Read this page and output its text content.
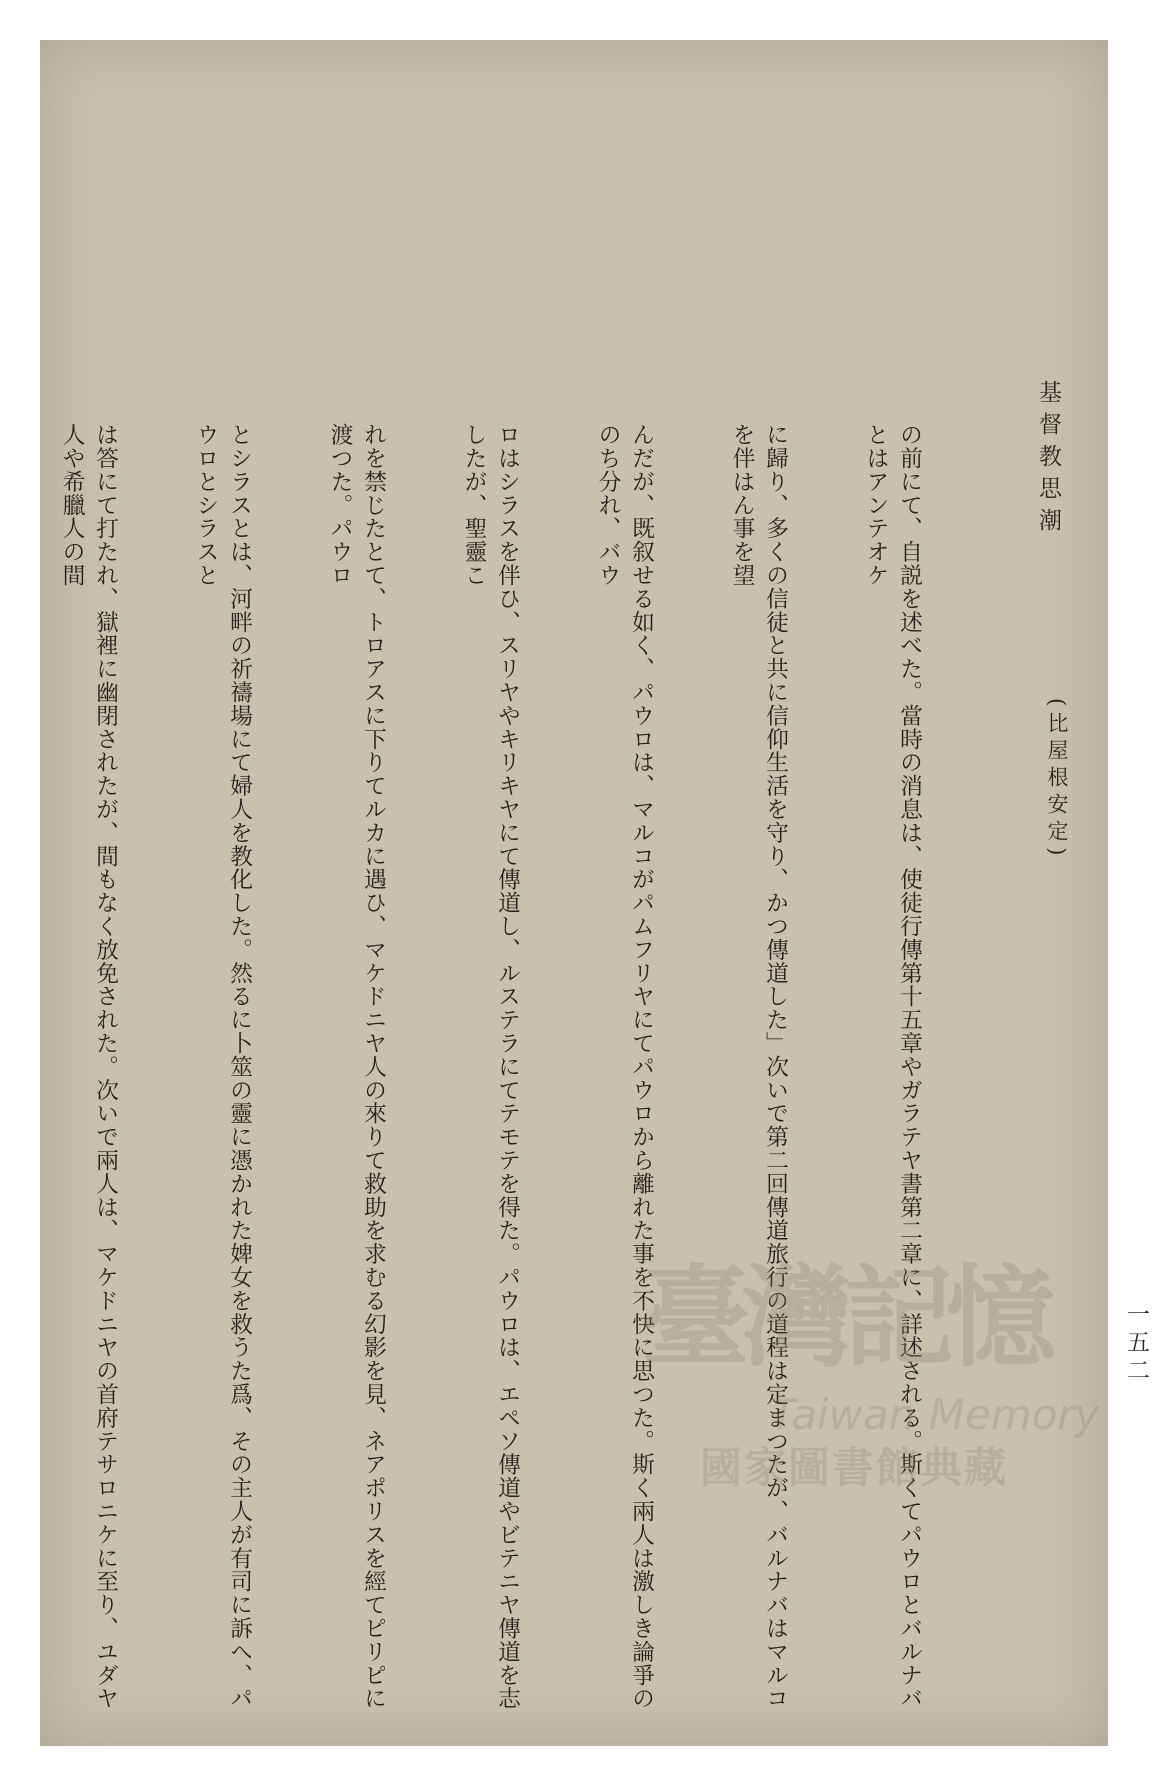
基督教思潮
(比屋根安定)
一五二

の前にて、自説を述べた。當時の消息は、使徒行傳第十五章やガラテヤ書第二章に、詳述される。斯くてパウロとバルナバとはアンテオケ

に歸り、多くの信徒と共に信仰生活を守り、かつ傳道した」次いで第二回傳道旅行の道程は定まつたが、バルナバはマルコを伴はん事を望

んだが、既叙せる如く、パウロは、マルコがパムフリヤにてパウロから離れた事を不快に思つた。斯く兩人は激しき論爭ののち分れ、バウ

ロはシラスを伴ひ、スリヤやキリキヤにて傳道し、ルステラにてテモテを得た。パウロは、エペソ傳道やビテニヤ傳道を志したが、聖靈こ

れを禁じたとて、トロアスに下りてルカに遇ひ、マケドニヤ人の來りて救助を求むる幻影を見、ネアポリスを經てピリピに渡つた。パウロ

とシラスとは、河畔の祈禱場にて婦人を教化した。然るに卜筮の靈に憑かれた婢女を救うた爲、その主人が有司に訴へ、パウロとシラスと

は答にて打たれ、獄裡に幽閉されたが、間もなく放免された。次いで兩人は、マケドニヤの首府テサロニケに至り、ユダヤ人や希臘人の間

臺灣記憶
Taiwan Memory
國家圖書館典藏
